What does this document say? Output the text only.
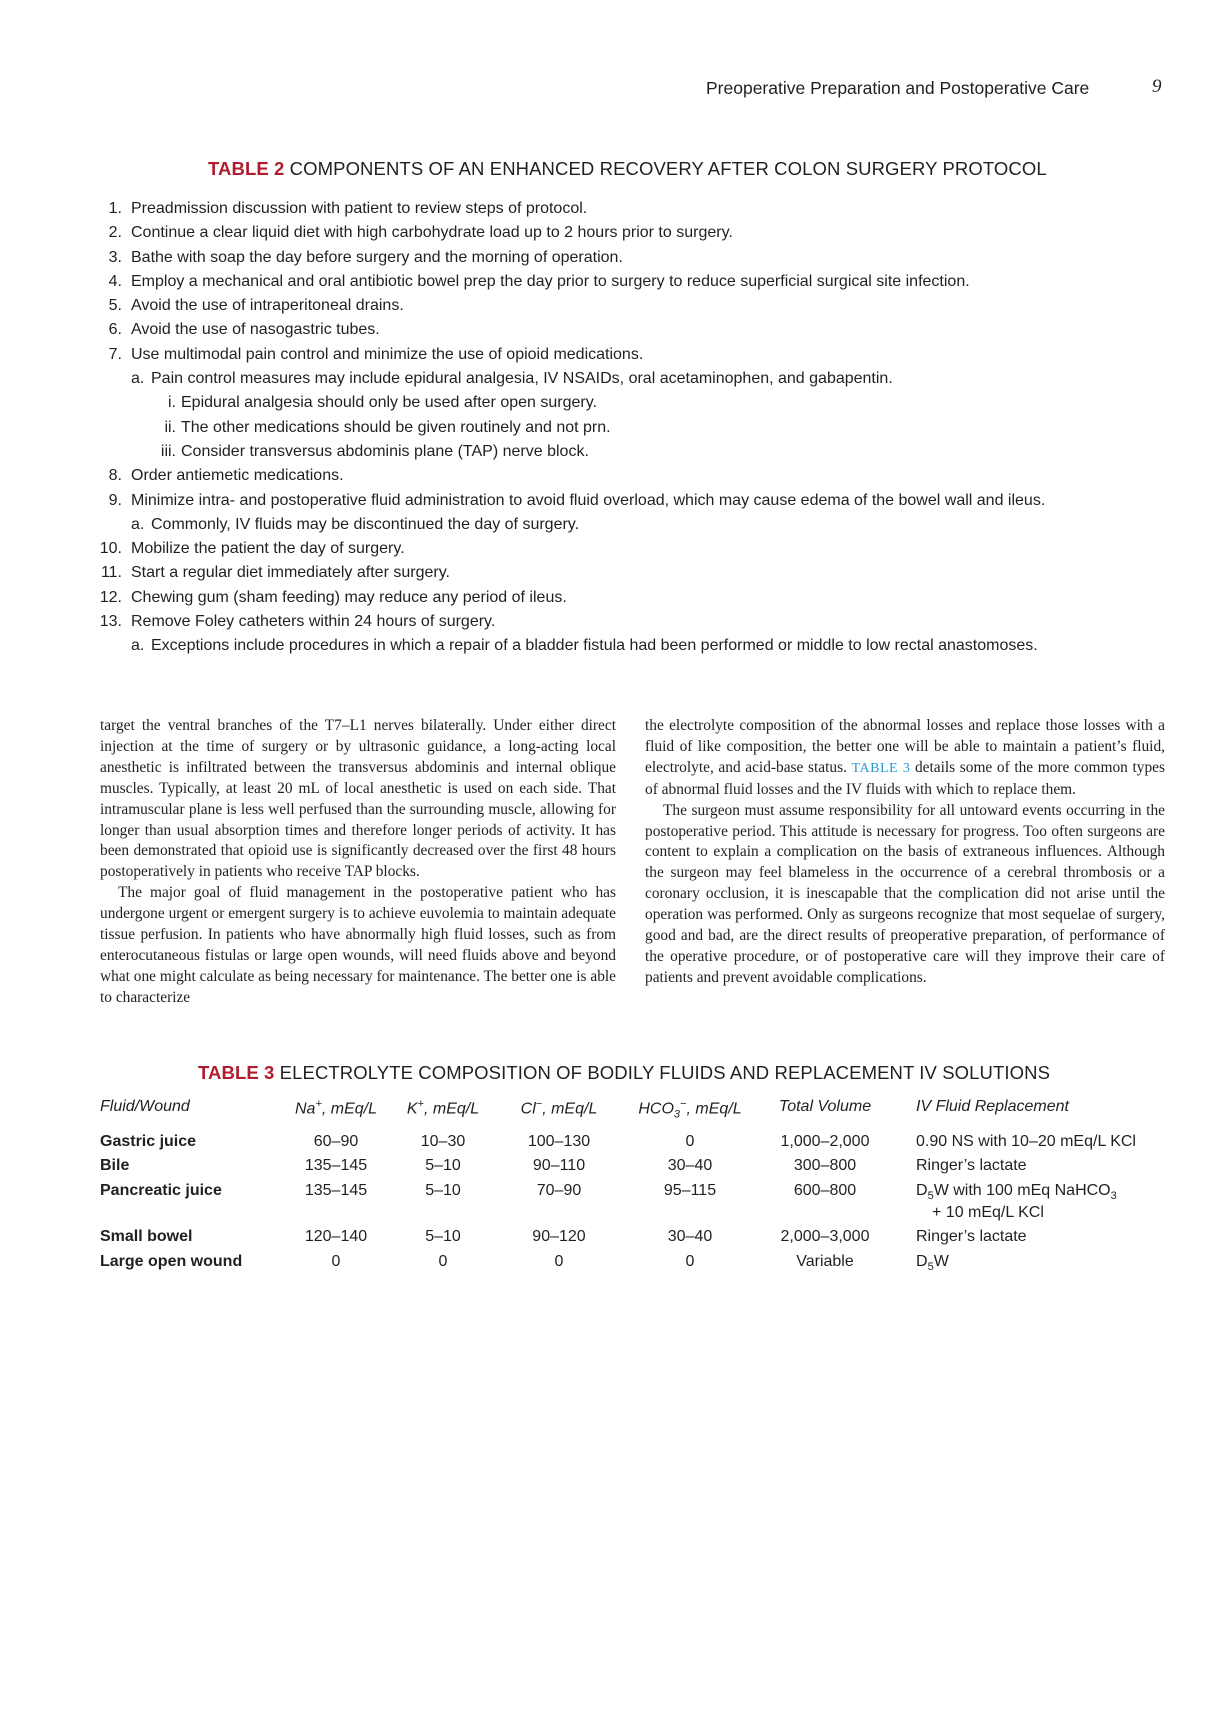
Preoperative Preparation and Postoperative Care	9
TABLE 2 COMPONENTS OF AN ENHANCED RECOVERY AFTER COLON SURGERY PROTOCOL
1. Preadmission discussion with patient to review steps of protocol.
2. Continue a clear liquid diet with high carbohydrate load up to 2 hours prior to surgery.
3. Bathe with soap the day before surgery and the morning of operation.
4. Employ a mechanical and oral antibiotic bowel prep the day prior to surgery to reduce superficial surgical site infection.
5. Avoid the use of intraperitoneal drains.
6. Avoid the use of nasogastric tubes.
7. Use multimodal pain control and minimize the use of opioid medications.
a. Pain control measures may include epidural analgesia, IV NSAIDs, oral acetaminophen, and gabapentin.
i. Epidural analgesia should only be used after open surgery.
ii. The other medications should be given routinely and not prn.
iii. Consider transversus abdominis plane (TAP) nerve block.
8. Order antiemetic medications.
9. Minimize intra- and postoperative fluid administration to avoid fluid overload, which may cause edema of the bowel wall and ileus.
a. Commonly, IV fluids may be discontinued the day of surgery.
10. Mobilize the patient the day of surgery.
11. Start a regular diet immediately after surgery.
12. Chewing gum (sham feeding) may reduce any period of ileus.
13. Remove Foley catheters within 24 hours of surgery.
a. Exceptions include procedures in which a repair of a bladder fistula had been performed or middle to low rectal anastomoses.

target the ventral branches of the T7–L1 nerves bilaterally. Under either direct injection at the time of surgery or by ultrasonic guidance, a long-acting local anesthetic is infiltrated between the transversus abdominis and internal oblique muscles. Typically, at least 20 mL of local anesthetic is used on each side. That intramuscular plane is less well perfused than the surrounding muscle, allowing for longer than usual absorption times and therefore longer periods of activity. It has been demonstrated that opioid use is significantly decreased over the first 48 hours postoperatively in patients who receive TAP blocks.

The major goal of fluid management in the postoperative patient who has undergone urgent or emergent surgery is to achieve euvolemia to maintain adequate tissue perfusion. In patients who have abnormally high fluid losses, such as from enterocutaneous fistulas or large open wounds, will need fluids above and beyond what one might calculate as being necessary for maintenance. The better one is able to characterize

the electrolyte composition of the abnormal losses and replace those losses with a fluid of like composition, the better one will be able to maintain a patient’s fluid, electrolyte, and acid-base status. TABLE 3 details some of the more common types of abnormal fluid losses and the IV fluids with which to replace them.

The surgeon must assume responsibility for all untoward events occurring in the postoperative period. This attitude is necessary for progress. Too often surgeons are content to explain a complication on the basis of extraneous influences. Although the surgeon may feel blameless in the occurrence of a cerebral thrombosis or a coronary occlusion, it is inescapable that the complication did not arise until the operation was performed. Only as surgeons recognize that most sequelae of surgery, good and bad, are the direct results of preoperative preparation, of performance of the operative procedure, or of postoperative care will they improve their care of patients and prevent avoidable complications.

TABLE 3 ELECTROLYTE COMPOSITION OF BODILY FLUIDS AND REPLACEMENT IV SOLUTIONS
Fluid/Wound	Na+, mEq/L	K+, mEq/L	Cl−, mEq/L	$HCO_3^-$, mEq/L	Total Volume	IV Fluid Replacement
Gastric juice	60–90	10–30	100–130	0	1,000–2,000	0.90 NS with 10–20 mEq/L KCl
Bile	135–145	5–10	90–110	30–40	300–800	Ringer’s lactate
Pancreatic juice	135–145	5–10	70–90	95–115	600–800	$D_5W$ with 100 mEq NaHCO$_3$
+ 10 mEq/L KCl
Small bowel	120–140	5–10	90–120	30–40	2,000–3,000	Ringer’s lactate
Large open wound	0	0	0	0	Variable	$D_5W$
